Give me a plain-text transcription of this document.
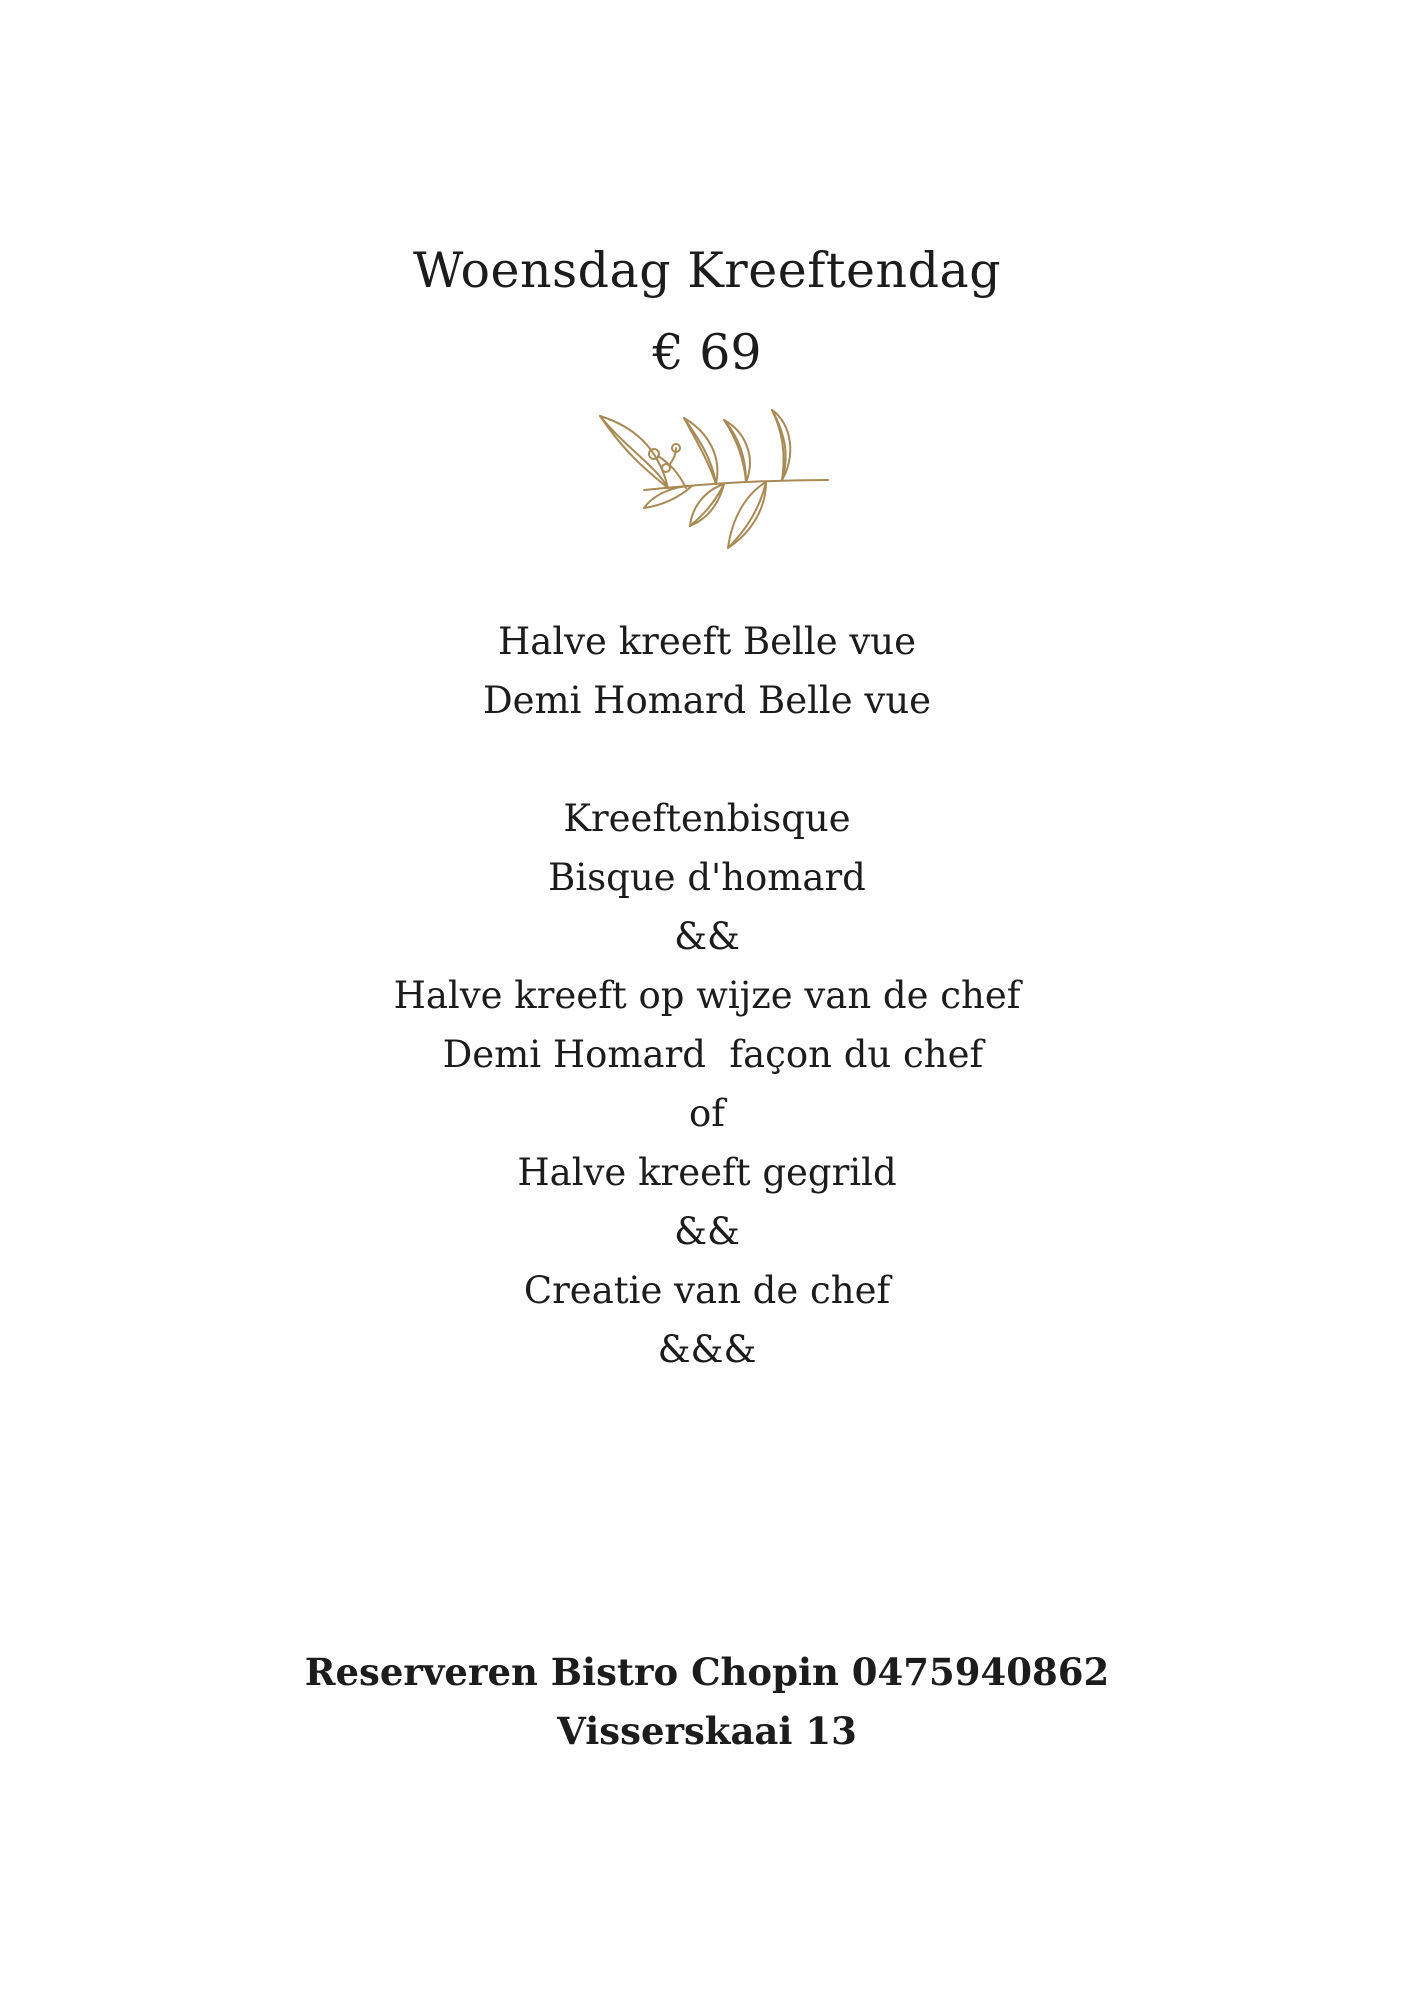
Woensdag Kreeftendag
€ 69
Halve kreeft Belle vue
Demi Homard Belle vue
Kreeftenbisque
Bisque d'homard
&&
Halve kreeft op wijze van de chef
Demi Homard  façon du chef
of
Halve kreeft gegrild
&&
Creatie van de chef
&&&
Reserveren Bistro Chopin 0475940862
Visserskaai 13
